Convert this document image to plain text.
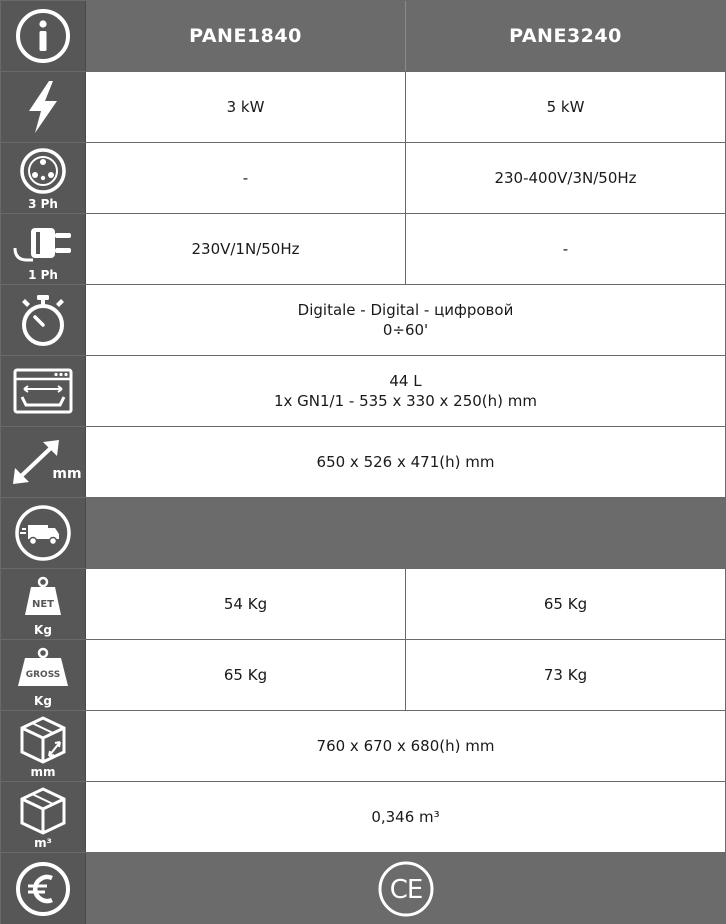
PANE1840	PANE3240
3 kW	5 kW
3 Ph
-	230-400V/3N/50Hz
1 Ph
230V/1N/50Hz	-
Digitale - Digital - цифровой
0÷60'
44 L
1x GN1/1 - 535 x 330 x 250(h) mm
mm
650 x 526 x 471(h) mm
NET
Kg
54 Kg	65 Kg
GROSS
Kg
65 Kg	73 Kg
mm
760 x 670 x 680(h) mm
m³
0,346 m³
CE
